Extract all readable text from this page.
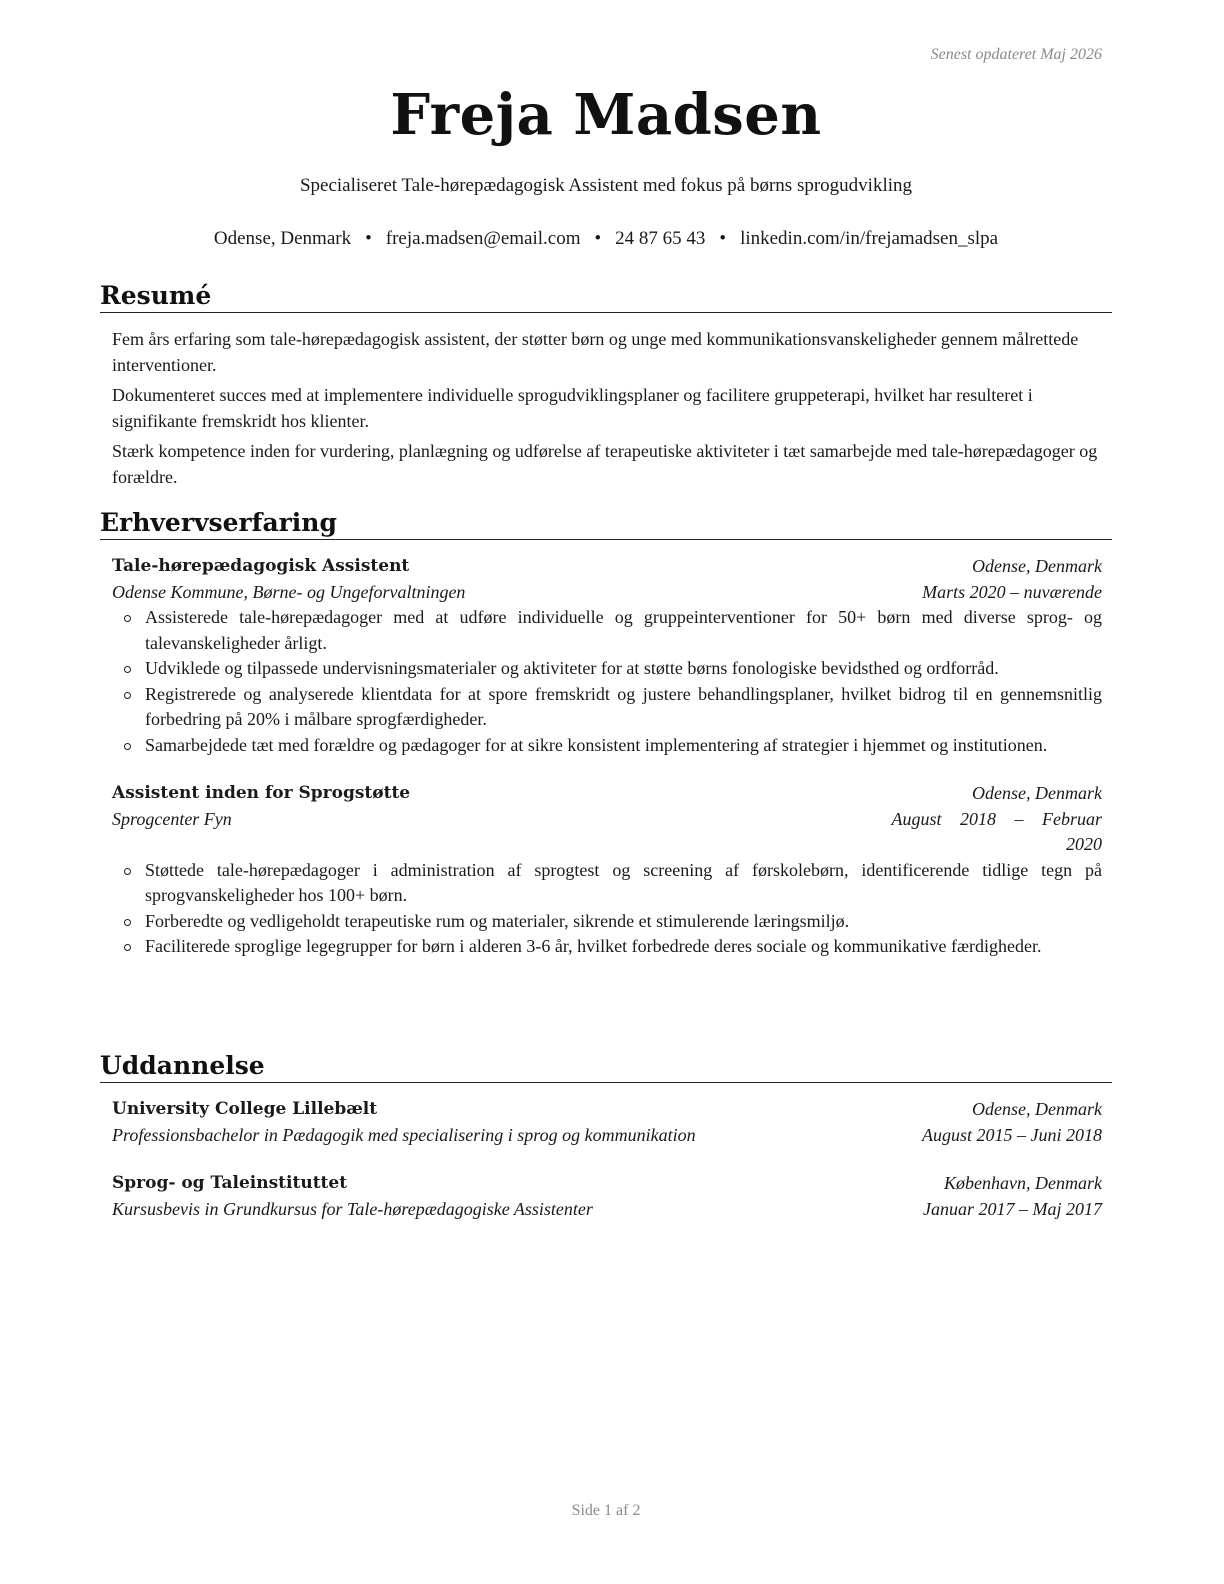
Senest opdateret Maj 2026
Freja Madsen
Specialiseret Tale-hørepædagogisk Assistent med fokus på børns sprogudvikling
Odense, Denmark • freja.madsen@email.com • 24 87 65 43 • linkedin.com/in/frejamadsen_slpa
Resumé

Fem års erfaring som tale-hørepædagogisk assistent, der støtter børn og unge med kommunikationsvanskeligheder gennem målrettede interventioner.

Dokumenteret succes med at implementere individuelle sprogudviklingsplaner og facilitere gruppeterapi, hvilket har resulteret i signifikante fremskridt hos klienter.

Stærk kompetence inden for vurdering, planlægning og udførelse af terapeutiske aktiviteter i tæt samarbejde med tale-hørepædagoger og forældre.

Erhvervserfaring
Tale-hørepædagogisk Assistent	Odense, Denmark
Odense Kommune, Børne- og Ungeforvaltningen	Marts 2020 – nuværende
Assisterede tale-hørepædagoger med at udføre individuelle og gruppeinterventioner for 50+ børn med diverse sprog- og talevanskeligheder årligt.
Udviklede og tilpassede undervisningsmaterialer og aktiviteter for at støtte børns fonologiske bevidsthed og ordforråd.
Registrerede og analyserede klientdata for at spore fremskridt og justere behandlingsplaner, hvilket bidrog til en gennemsnitlig forbedring på 20% i målbare sprogfærdigheder.
Samarbejdede tæt med forældre og pædagoger for at sikre konsistent implementering af strategier i hjemmet og institutionen.
Assistent inden for Sprogstøtte	Odense, Denmark
Sprogcenter Fyn	August 2018 – Februar
2020
Støttede tale-hørepædagoger i administration af sprogtest og screening af førskolebørn, identificerende tidlige tegn på sprogvanskeligheder hos 100+ børn.
Forberedte og vedligeholdt terapeutiske rum og materialer, sikrende et stimulerende læringsmiljø.
Faciliterede sproglige legegrupper for børn i alderen 3-6 år, hvilket forbedrede deres sociale og kommunikative færdigheder.
Uddannelse
University College Lillebælt	Odense, Denmark
Professionsbachelor in Pædagogik med specialisering i sprog og kommunikation	August 2015 – Juni 2018
Sprog- og Taleinstituttet	København, Denmark
Kursusbevis in Grundkursus for Tale-hørepædagogiske Assistenter	Januar 2017 – Maj 2017
Side 1 af 2
